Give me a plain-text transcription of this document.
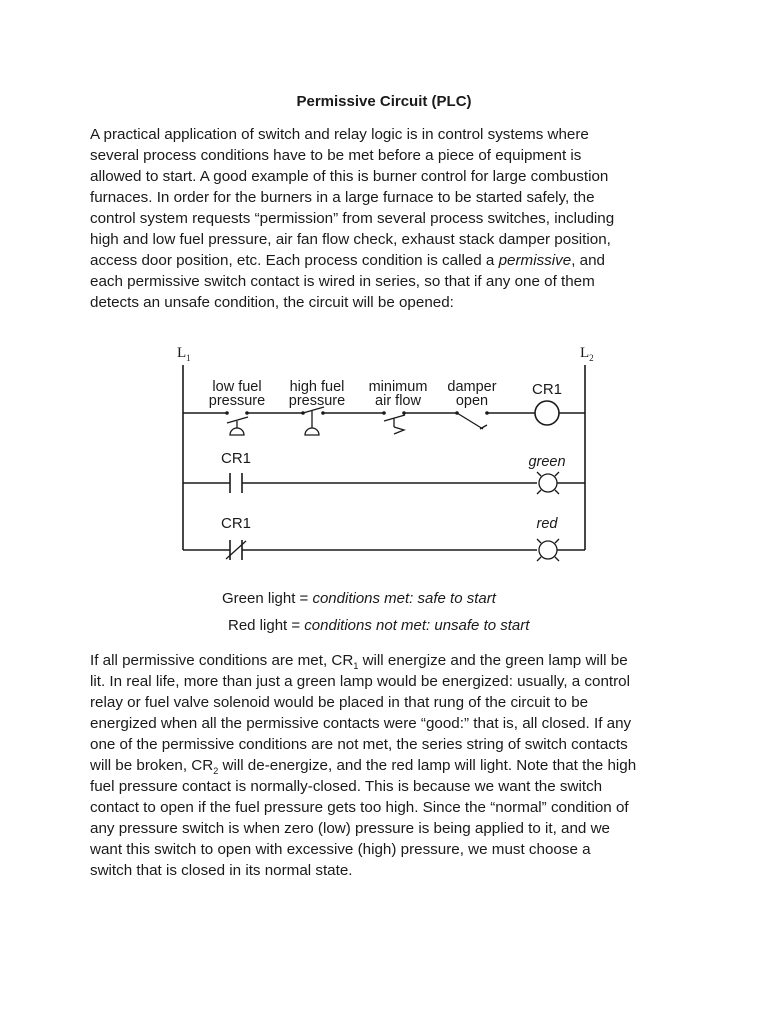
Permissive Circuit (PLC)

A practical application of switch and relay logic is in control systems where

several process conditions have to be met before a piece of equipment is

allowed to start. A good example of this is burner control for large combustion

furnaces. In order for the burners in a large furnace to be started safely, the

control system requests “permission” from several process switches, including

high and low fuel pressure, air fan flow check, exhaust stack damper position,

access door position, etc. Each process condition is called a permissive, and

each permissive switch contact is wired in series, so that if any one of them

detects an unsafe condition, the circuit will be opened:

$L_1$	$L_2$
low fuel
pressure
high fuel
pressure
minimum
air flow
damper
open
CR1
CR1	green
CR1	red
Green light = conditions met: safe to start
Red light = conditions not met: unsafe to start

If all permissive conditions are met, $CR_1$ will energize and the green lamp will be

lit. In real life, more than just a green lamp would be energized: usually, a control

relay or fuel valve solenoid would be placed in that rung of the circuit to be

energized when all the permissive contacts were “good:” that is, all closed. If any

one of the permissive conditions are not met, the series string of switch contacts

will be broken, $CR_2$ will de-energize, and the red lamp will light. Note that the high

fuel pressure contact is normally-closed. This is because we want the switch

contact to open if the fuel pressure gets too high. Since the “normal” condition of

any pressure switch is when zero (low) pressure is being applied to it, and we

want this switch to open with excessive (high) pressure, we must choose a

switch that is closed in its normal state.
